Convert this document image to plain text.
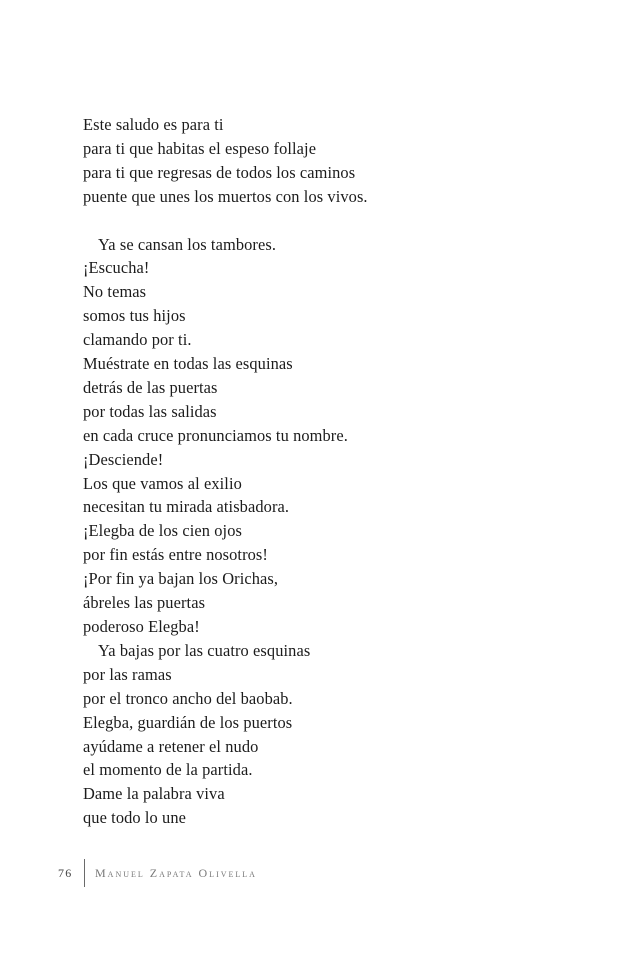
Este saludo es para ti
para ti que habitas el espeso follaje
para ti que regresas de todos los caminos
puente que unes los muertos con los vivos.
Ya se cansan los tambores.
¡Escucha!
No temas
somos tus hijos
clamando por ti.
Muéstrate en todas las esquinas
detrás de las puertas
por todas las salidas
en cada cruce pronunciamos tu nombre.
¡Desciende!
Los que vamos al exilio
necesitan tu mirada atisbadora.
¡Elegba de los cien ojos
por fin estás entre nosotros!
¡Por fin ya bajan los Orichas,
ábreles las puertas
poderoso Elegba!
Ya bajas por las cuatro esquinas
por las ramas
por el tronco ancho del baobab.
Elegba, guardián de los puertos
ayúdame a retener el nudo
el momento de la partida.
Dame la palabra viva
que todo lo une
76	Manuel Zapata Olivella
